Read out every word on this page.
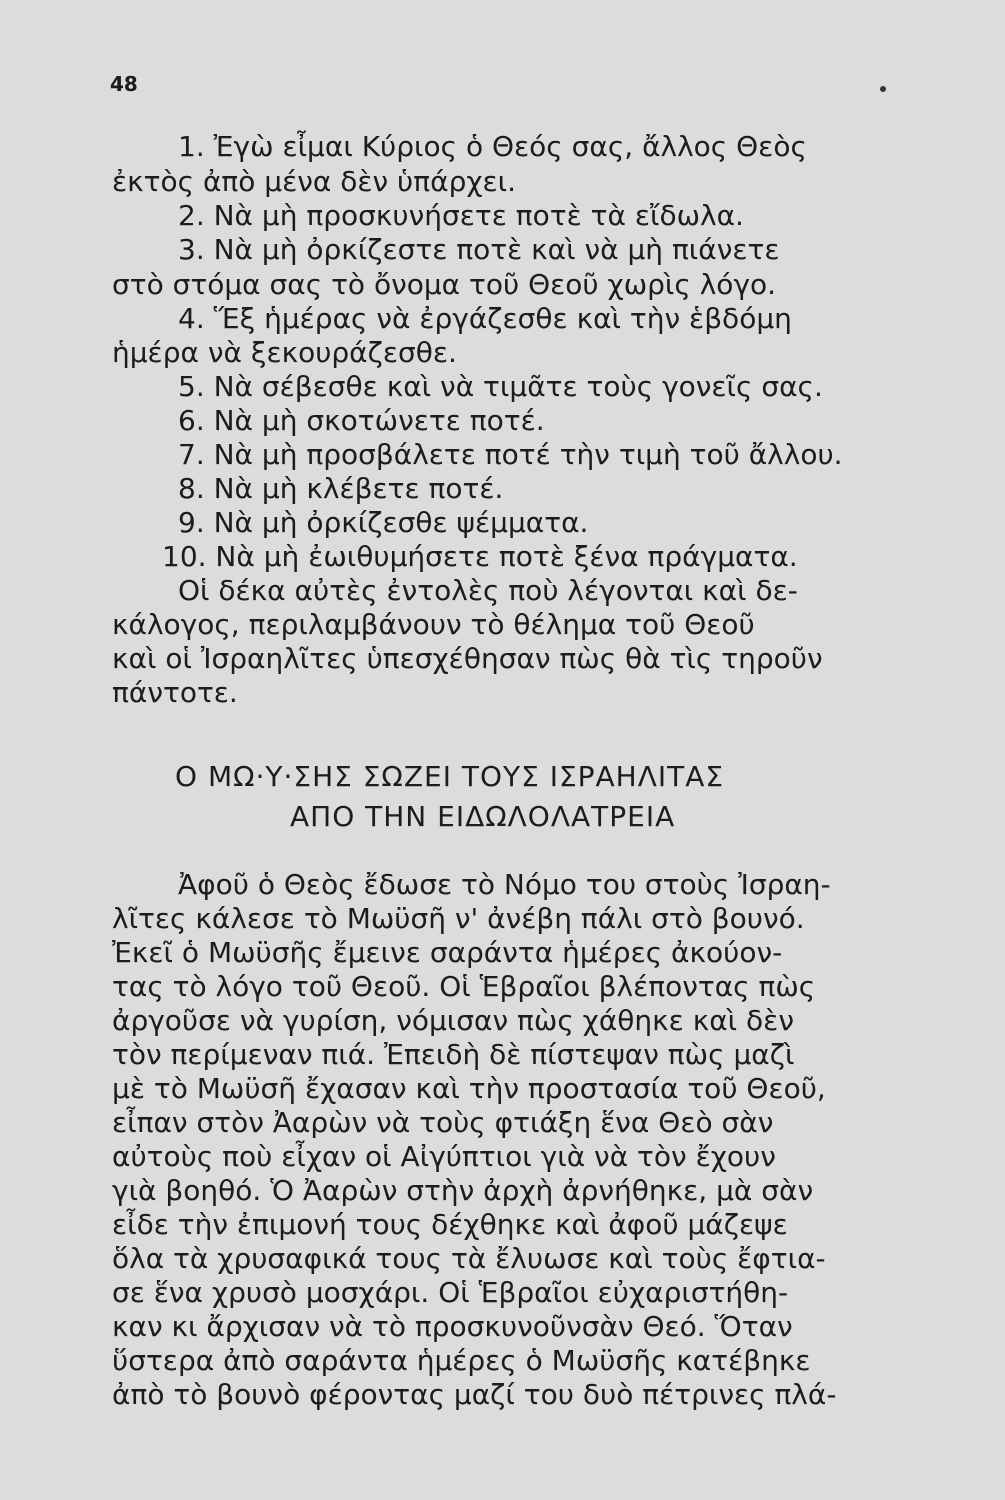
48
1. Ἐγὼ εἶμαι Κύριος ὁ Θεός σας, ἄλλος Θεὸς
ἐκτὸς ἀπὸ μένα δὲν ὑπάρχει.
2. Νὰ μὴ προσκυνήσετε ποτὲ τὰ εἴδωλα.
3. Νὰ μὴ ὀρκίζεστε ποτὲ καὶ νὰ μὴ πιάνετε
στὸ στόμα σας τὸ ὄνομα τοῦ Θεοῦ χωρὶς λόγο.
4. Ἕξ ἡμέρας νὰ ἐργάζεσθε καὶ τὴν ἑβδόμη
ἡμέρα νὰ ξεκουράζεσθε.
5. Νὰ σέβεσθε καὶ νὰ τιμᾶτε τοὺς γονεῖς σας.
6. Νὰ μὴ σκοτώνετε ποτέ.
7. Νὰ μὴ προσβάλετε ποτέ τὴν τιμὴ τοῦ ἄλλου.
8. Νὰ μὴ κλέβετε ποτέ.
9. Νὰ μὴ ὀρκίζεσθε ψέμματα.
10. Νὰ μὴ ἐωιθυμήσετε ποτὲ ξένα πράγματα.
Οἱ δέκα αὐτὲς ἐντολὲς ποὺ λέγονται καὶ δε-
κάλογος, περιλαμβάνουν τὸ θέλημα τοῦ Θεοῦ
καὶ οἱ Ἰσραηλῖτες ὑπεσχέθησαν πὼς θὰ τὶς τηροῦν
πάντοτε.
Ο ΜΩ·Υ·ΣΗΣ ΣΩΖΕΙ ΤΟΥΣ ΙΣΡΑΗΛΙΤΑΣ
ΑΠΟ ΤΗΝ ΕΙΔΩΛΟΛΑΤΡΕΙΑ
Ἀφοῦ ὁ Θεὸς ἔδωσε τὸ Νόμο του στοὺς Ἰσραη-
λῖτες κάλεσε τὸ Μωϋσῆ ν' ἀνέβη πάλι στὸ βουνό.
Ἐκεῖ ὁ Μωϋσῆς ἔμεινε σαράντα ἡμέρες ἀκούον-
τας τὸ λόγο τοῦ Θεοῦ. Οἱ Ἑβραῖοι βλέποντας πὼς
ἀργοῦσε νὰ γυρίση, νόμισαν πὼς χάθηκε καὶ δὲν
τὸν περίμεναν πιά. Ἐπειδὴ δὲ πίστεψαν πὼς μαζὶ
μὲ τὸ Μωϋσῆ ἔχασαν καὶ τὴν προστασία τοῦ Θεοῦ,
εἶπαν στὸν Ἀαρὼν νὰ τοὺς φτιάξη ἕνα Θεὸ σὰν
αὐτοὺς ποὺ εἶχαν οἱ Αἰγύπτιοι γιὰ νὰ τὸν ἔχουν
γιὰ βοηθό. Ὁ Ἀαρὼν στὴν ἀρχὴ ἀρνήθηκε, μὰ σὰν
εἶδε τὴν ἐπιμονή τους δέχθηκε καὶ ἀφοῦ μάζεψε
ὅλα τὰ χρυσαφικά τους τὰ ἔλυωσε καὶ τοὺς ἔφτια-
σε ἕνα χρυσὸ μοσχάρι. Οἱ Ἑβραῖοι εὐχαριστήθη-
καν κι ἄρχισαν νὰ τὸ προσκυνοῦνσὰν Θεό. Ὅταν
ὕστερα ἀπὸ σαράντα ἡμέρες ὁ Μωϋσῆς κατέβηκε
ἀπὸ τὸ βουνὸ φέροντας μαζί του δυὸ πέτρινες πλά-
